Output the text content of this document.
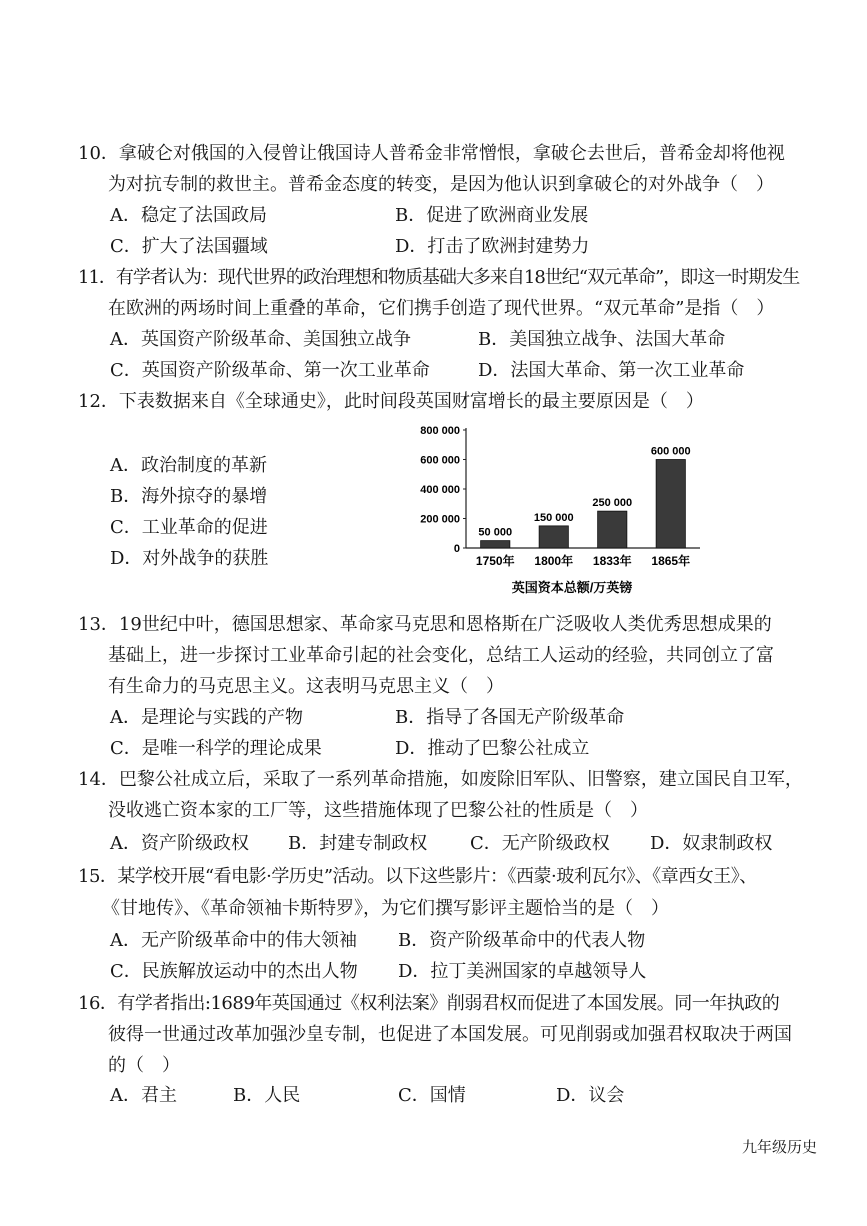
10．拿破仑对俄国的入侵曾让俄国诗人普希金非常憎恨，拿破仑去世后，普希金却将他视
为对抗专制的救世主。普希金态度的转变，是因为他认识到拿破仑的对外战争（　）
A．稳定了法国政局	B．促进了欧洲商业发展
C．扩大了法国疆域	D．打击了欧洲封建势力
11．有学者认为：现代世界的政治理想和物质基础大多来自18世纪“双元革命”，即这一时期发生
在欧洲的两场时间上重叠的革命，它们携手创造了现代世界。“双元革命”是指（　）
A．英国资产阶级革命、美国独立战争	B．美国独立战争、法国大革命
C．英国资产阶级革命、第一次工业革命	D．法国大革命、第一次工业革命
12．下表数据来自《全球通史》，此时间段英国财富增长的最主要原因是（　）
A．政治制度的革新
B．海外掠夺的暴增
C．工业革命的促进
D．对外战争的获胜	0
200 000
400 000
600 000
800 000
50 000
150 000
250 000
600 000
1750年 1800年 1833年 1865年
英国资本总额/万英镑
13．19世纪中叶，德国思想家、革命家马克思和恩格斯在广泛吸收人类优秀思想成果的
基础上，进一步探讨工业革命引起的社会变化，总结工人运动的经验，共同创立了富
有生命力的马克思主义。这表明马克思主义（　）
A．是理论与实践的产物	B．指导了各国无产阶级革命
C．是唯一科学的理论成果	D．推动了巴黎公社成立
14．巴黎公社成立后，采取了一系列革命措施，如废除旧军队、旧警察，建立国民自卫军，
没收逃亡资本家的工厂等，这些措施体现了巴黎公社的性质是（　）
A．资产阶级政权 B．封建专制政权 C．无产阶级政权 D．奴隶制政权
15．某学校开展“看电影·学历史”活动。以下这些影片：《西蒙·玻利瓦尔》、《章西女王》、
《甘地传》、《革命领袖卡斯特罗》，为它们撰写影评主题恰当的是（　）
A．无产阶级革命中的伟大领袖 B．资产阶级革命中的代表人物
C．民族解放运动中的杰出人物 D．拉丁美洲国家的卓越领导人
16．有学者指出:1689年英国通过《权利法案》削弱君权而促进了本国发展。同一年执政的
彼得一世通过改革加强沙皇专制，也促进了本国发展。可见削弱或加强君权取决于两国
的（　）
A．君主	B．人民	C．国情	D．议会
九年级历史
